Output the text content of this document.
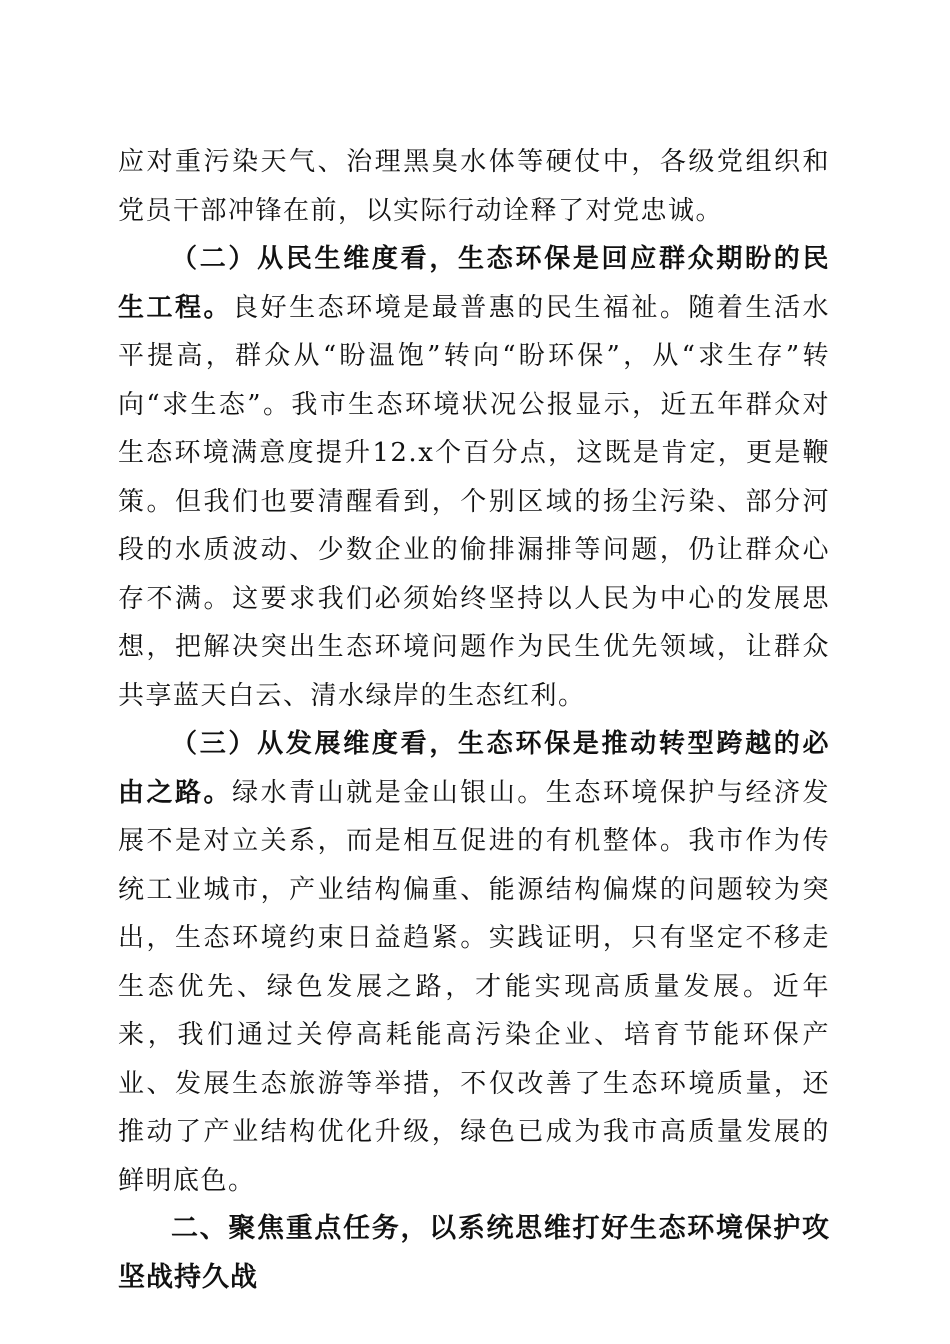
应对重污染天气、治理黑臭水体等硬仗中，各级党组织和党员干部冲锋在前，以实际行动诠释了对党忠诚。

（二）从民生维度看，生态环保是回应群众期盼的民生工程。良好生态环境是最普惠的民生福祉。随着生活水平提高，群众从“盼温饱”转向“盼环保”，从“求生存”转向“求生态”。我市生态环境状况公报显示，近五年群众对生态环境满意度提升12.x个百分点，这既是肯定，更是鞭策。但我们也要清醒看到，个别区域的扬尘污染、部分河段的水质波动、少数企业的偷排漏排等问题，仍让群众心存不满。这要求我们必须始终坚持以人民为中心的发展思想，把解决突出生态环境问题作为民生优先领域，让群众共享蓝天白云、清水绿岸的生态红利。

（三）从发展维度看，生态环保是推动转型跨越的必由之路。绿水青山就是金山银山。生态环境保护与经济发展不是对立关系，而是相互促进的有机整体。我市作为传统工业城市，产业结构偏重、能源结构偏煤的问题较为突出，生态环境约束日益趋紧。实践证明，只有坚定不移走生态优先、绿色发展之路，才能实现高质量发展。近年来，我们通过关停高耗能高污染企业、培育节能环保产业、发展生态旅游等举措，不仅改善了生态环境质量，还推动了产业结构优化升级，绿色已成为我市高质量发展的鲜明底色。

二、聚焦重点任务，以系统思维打好生态环境保护攻坚战持久战
